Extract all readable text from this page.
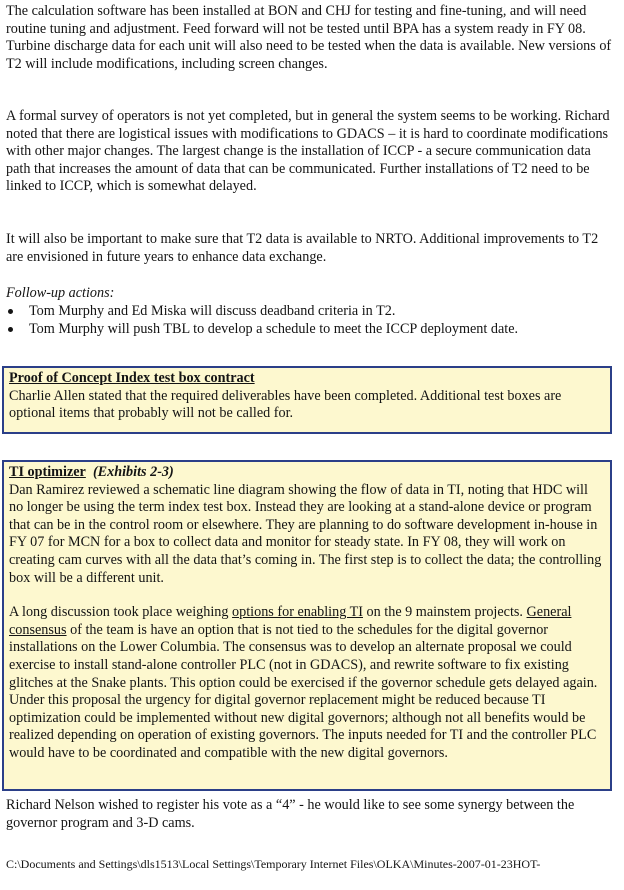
The calculation software has been installed at BON and CHJ for testing and fine-tuning, and will need routine tuning and adjustment. Feed forward will not be tested until BPA has a system ready in FY 08. Turbine discharge data for each unit will also need to be tested when the data is available. New versions of T2 will include modifications, including screen changes.

A formal survey of operators is not yet completed, but in general the system seems to be working. Richard noted that there are logistical issues with modifications to GDACS – it is hard to coordinate modifications with other major changes. The largest change is the installation of ICCP - a secure communication data path that increases the amount of data that can be communicated. Further installations of T2 need to be linked to ICCP, which is somewhat delayed.

It will also be important to make sure that T2 data is available to NRTO. Additional improvements to T2 are envisioned in future years to enhance data exchange.

Follow-up actions:

Tom Murphy and Ed Miska will discuss deadband criteria in T2.
Tom Murphy will push TBL to develop a schedule to meet the ICCP deployment date.

Proof of Concept Index test box contract

Charlie Allen stated that the required deliverables have been completed. Additional test boxes are optional items that probably will not be called for.

TI optimizer (Exhibits 2-3)

Dan Ramirez reviewed a schematic line diagram showing the flow of data in TI, noting that HDC will no longer be using the term index test box. Instead they are looking at a stand-alone device or program that can be in the control room or elsewhere. They are planning to do software development in-house in FY 07 for MCN for a box to collect data and monitor for steady state. In FY 08, they will work on creating cam curves with all the data that’s coming in. The first step is to collect the data; the controlling box will be a different unit.

A long discussion took place weighing options for enabling TI on the 9 mainstem projects. General consensus of the team is have an option that is not tied to the schedules for the digital governor installations on the Lower Columbia. The consensus was to develop an alternate proposal we could exercise to install stand-alone controller PLC (not in GDACS), and rewrite software to fix existing glitches at the Snake plants. This option could be exercised if the governor schedule gets delayed again. Under this proposal the urgency for digital governor replacement might be reduced because TI optimization could be implemented without new digital governors; although not all benefits would be realized depending on operation of existing governors. The inputs needed for TI and the controller PLC would have to be coordinated and compatible with the new digital governors.

Richard Nelson wished to register his vote as a “4” - he would like to see some synergy between the governor program and 3-D cams.

C:\Documents and Settings\dls1513\Local Settings\Temporary Internet Files\OLKA\Minutes-2007-01-23HOT-
